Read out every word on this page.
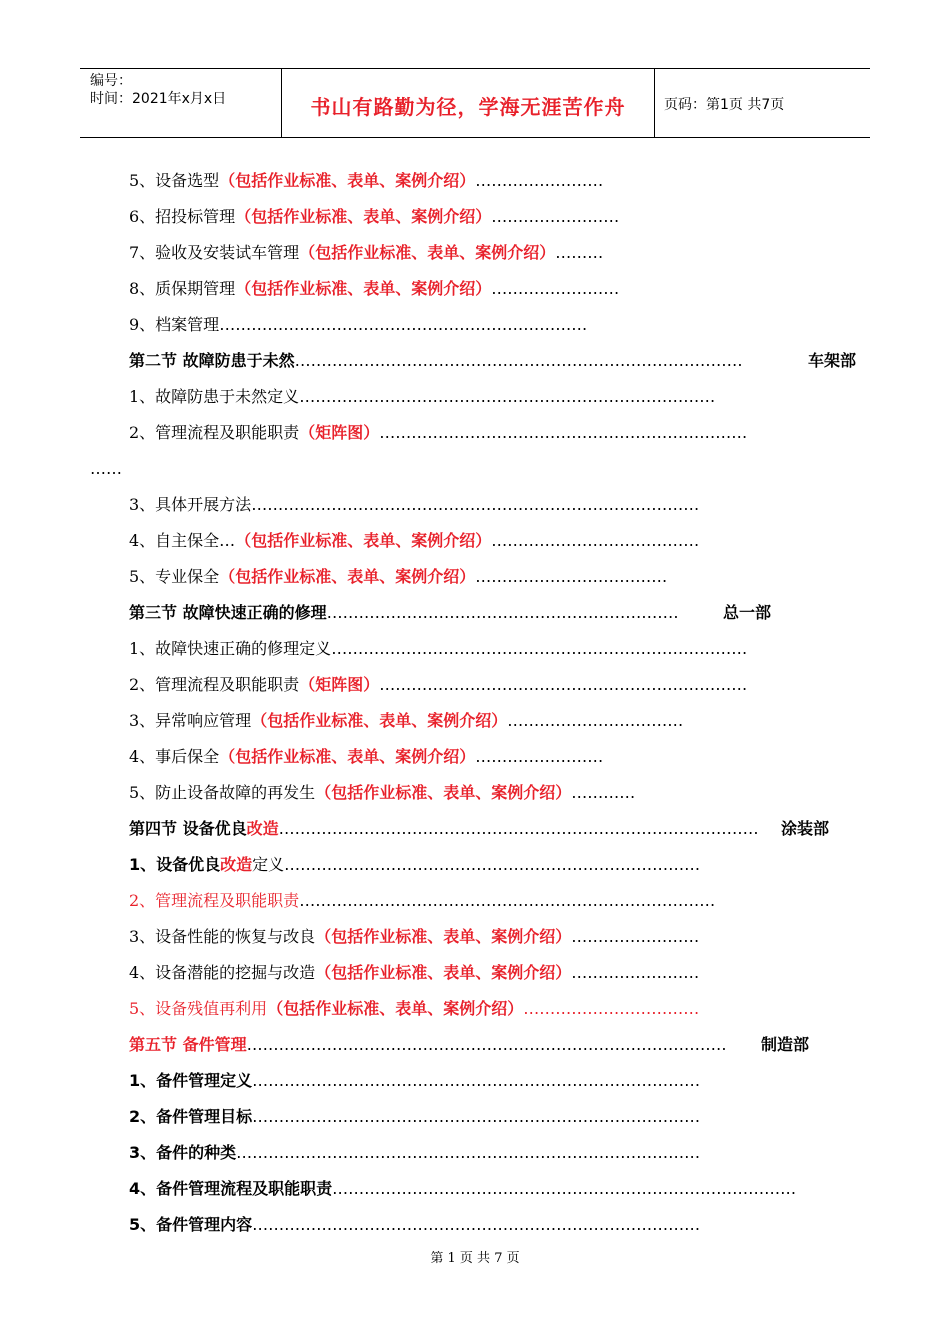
编号：
时间：2021年x月x日	书山有路勤为径，学海无涯苦作舟	页码：第1页 共7页
5、设备选型（包括作业标准、表单、案例介绍）……………………
6、招投标管理（包括作业标准、表单、案例介绍）……………………
7、验收及安装试车管理（包括作业标准、表单、案例介绍）………
8、质保期管理（包括作业标准、表单、案例介绍）……………………
9、档案管理……………………………………………………………
第二节 故障防患于未然…………………………………………………………………………	车架部
1、故障防患于未然定义……………………………………………………………………
2、管理流程及职能职责（矩阵图）……………………………………………………………
……
3、具体开展方法…………………………………………………………………………
4、自主保全…（包括作业标准、表单、案例介绍）…………………………………
5、专业保全（包括作业标准、表单、案例介绍）………………………………
第三节 故障快速正确的修理…………………………………………………………	总一部
1、故障快速正确的修理定义……………………………………………………………………
2、管理流程及职能职责（矩阵图）……………………………………………………………
3、异常响应管理（包括作业标准、表单、案例介绍）……………………………
4、事后保全（包括作业标准、表单、案例介绍）……………………
5、防止设备故障的再发生（包括作业标准、表单、案例介绍）…………
第四节 设备优良改造……………………………………………………………………………… 涂装部
1、设备优良改造定义……………………………………………………………………
2、管理流程及职能职责……………………………………………………………………
3、设备性能的恢复与改良（包括作业标准、表单、案例介绍）……………………
4、设备潜能的挖掘与改造（包括作业标准、表单、案例介绍）……………………
5、设备残值再利用（包括作业标准、表单、案例介绍）……………………………
第五节 备件管理……………………………………………………………………………… 制造部
1、备件管理定义…………………………………………………………………………
2、备件管理目标…………………………………………………………………………
3、备件的种类……………………………………………………………………………
4、备件管理流程及职能职责……………………………………………………………………………
5、备件管理内容…………………………………………………………………………
第 1 页 共 7 页
